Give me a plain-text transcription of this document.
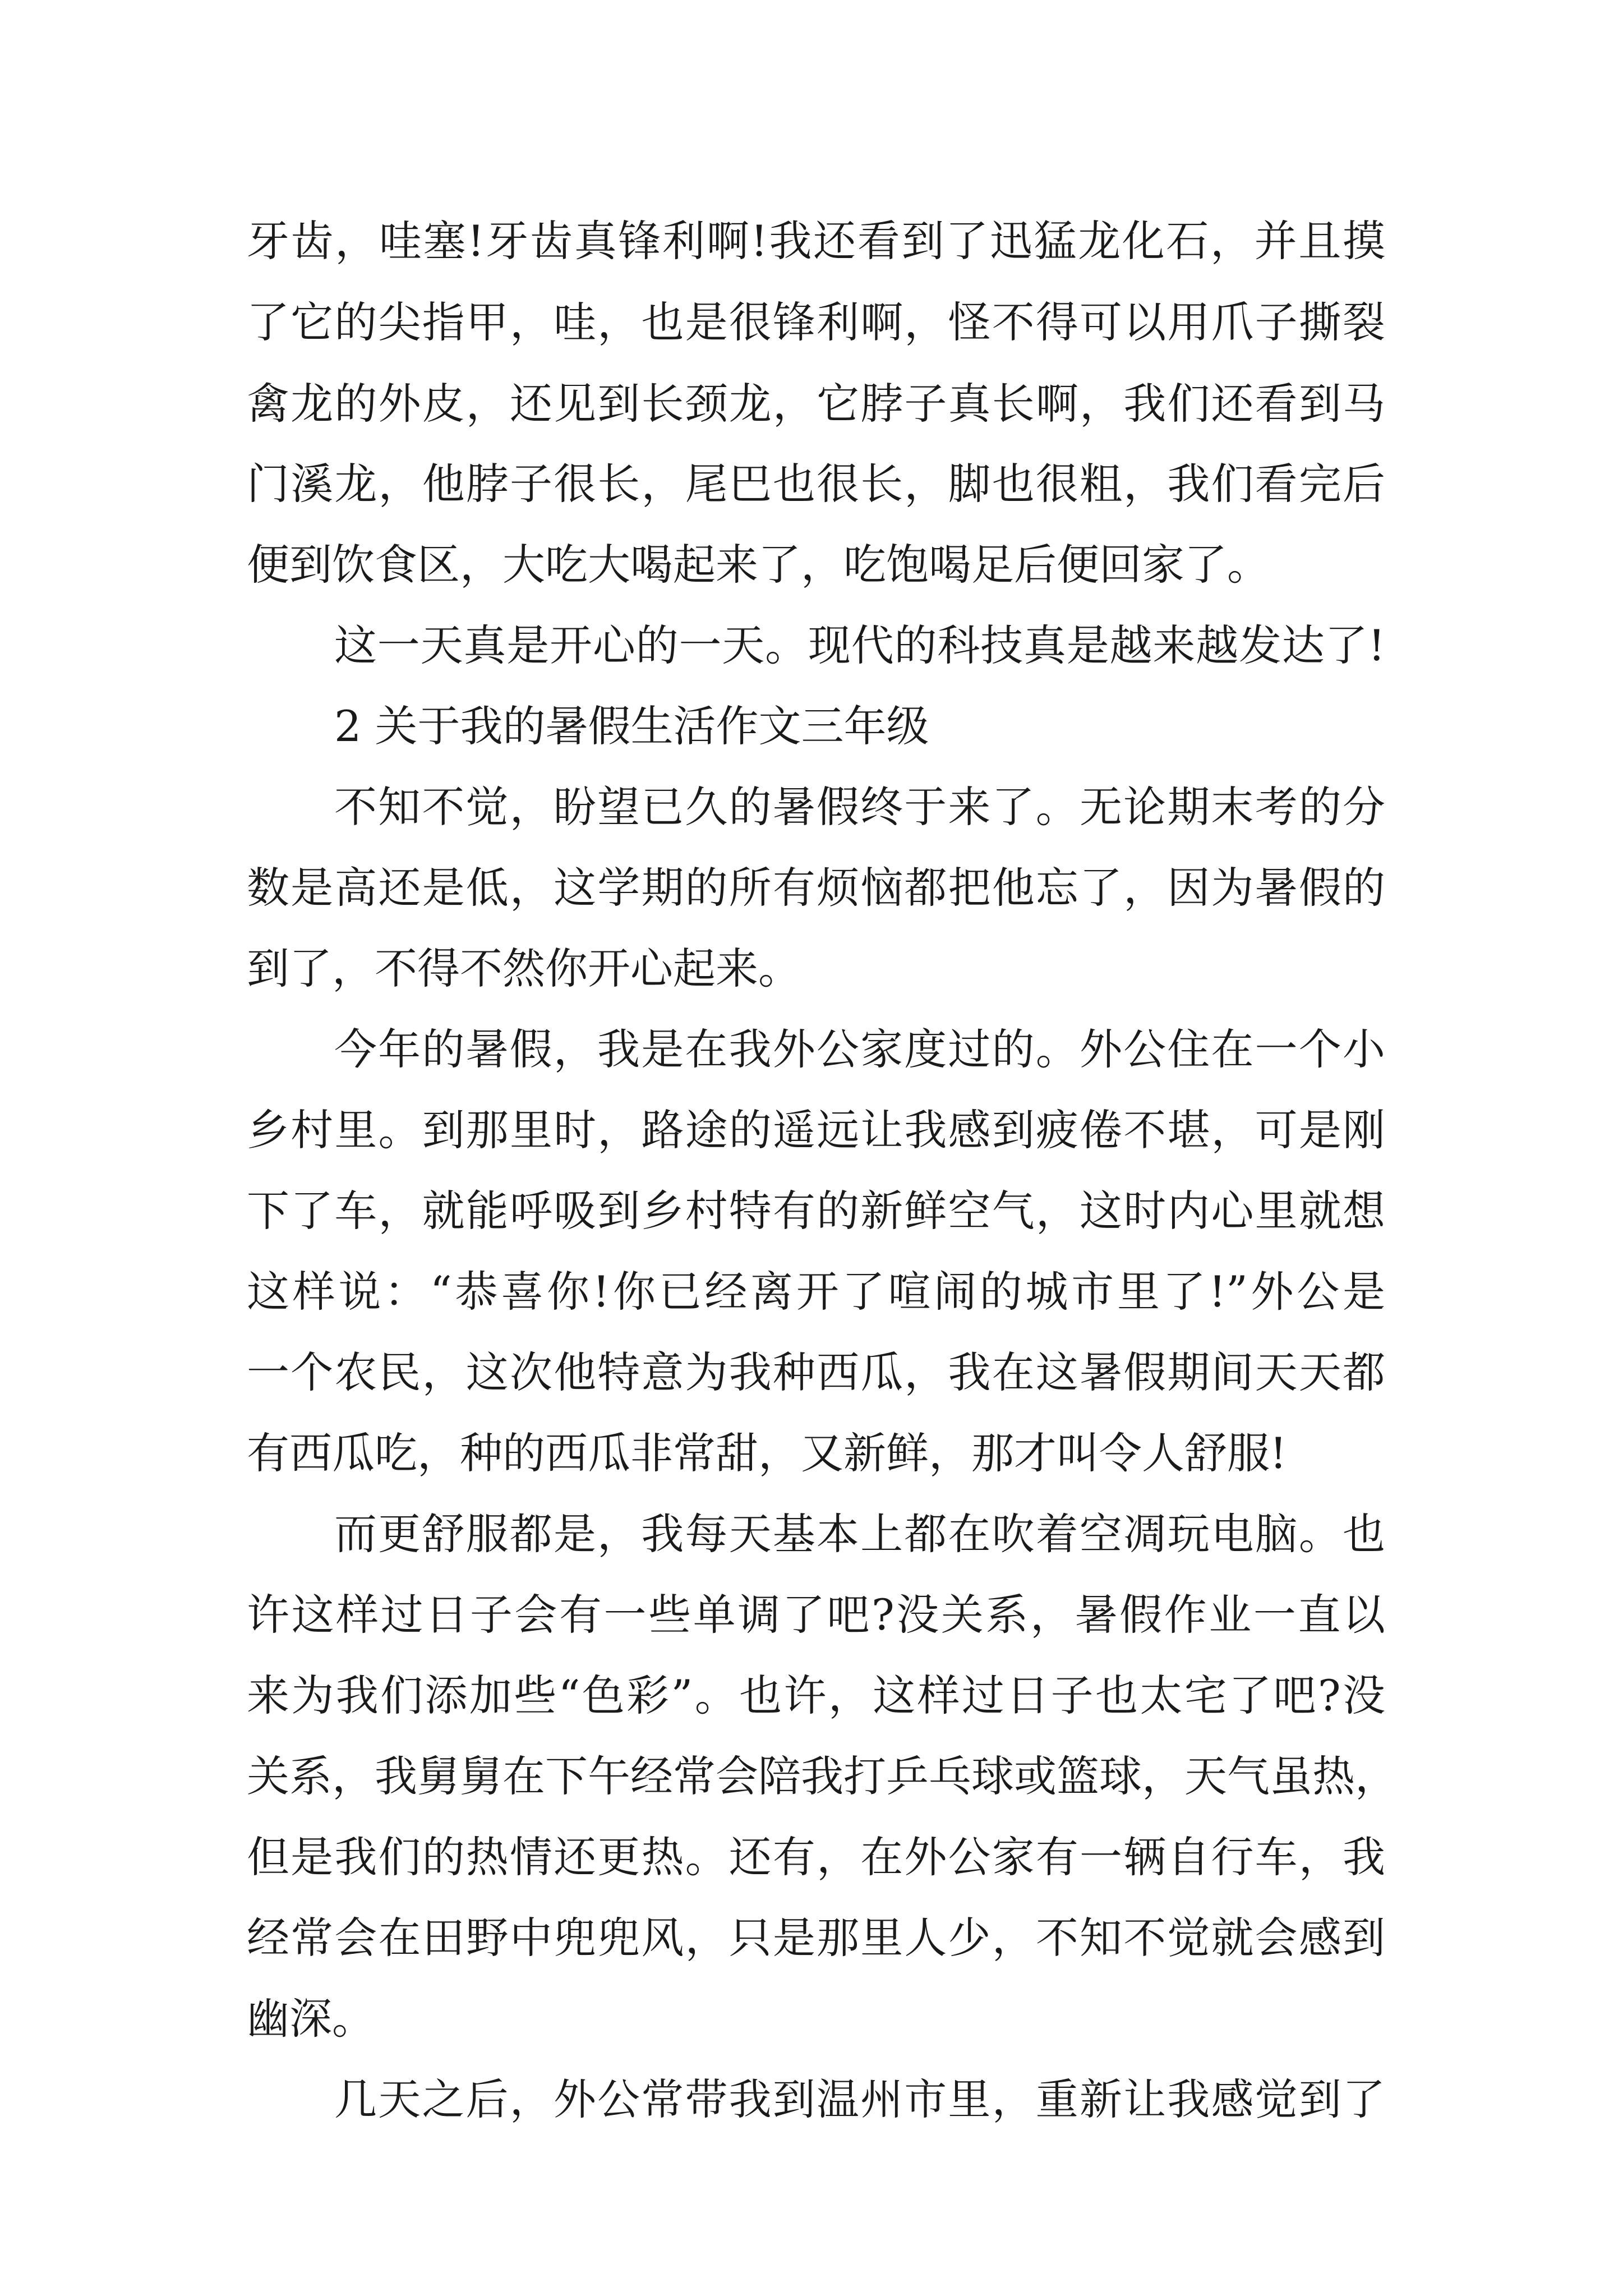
牙齿，哇塞!牙齿真锋利啊!我还看到了迅猛龙化石，并且摸
了它的尖指甲，哇，也是很锋利啊，怪不得可以用爪子撕裂
禽龙的外皮，还见到长颈龙，它脖子真长啊，我们还看到马
门溪龙，他脖子很长，尾巴也很长，脚也很粗，我们看完后
便到饮食区，大吃大喝起来了，吃饱喝足后便回家了。
这一天真是开心的一天。现代的科技真是越来越发达了!
2 关于我的暑假生活作文三年级
不知不觉，盼望已久的暑假终于来了。无论期末考的分
数是高还是低，这学期的所有烦恼都把他忘了，因为暑假的
到了，不得不然你开心起来。
今年的暑假，我是在我外公家度过的。外公住在一个小
乡村里。到那里时，路途的遥远让我感到疲倦不堪，可是刚
下了车，就能呼吸到乡村特有的新鲜空气，这时内心里就想
这样说：“恭喜你!你已经离开了喧闹的城市里了!”外公是
一个农民，这次他特意为我种西瓜，我在这暑假期间天天都
有西瓜吃，种的西瓜非常甜，又新鲜，那才叫令人舒服!
而更舒服都是，我每天基本上都在吹着空凋玩电脑。也
许这样过日子会有一些单调了吧?没关系，暑假作业一直以
来为我们添加些“色彩”。也许，这样过日子也太宅了吧?没
关系，我舅舅在下午经常会陪我打乒乓球或篮球，天气虽热，
但是我们的热情还更热。还有，在外公家有一辆自行车，我
经常会在田野中兜兜风，只是那里人少，不知不觉就会感到
幽深。
几天之后，外公常带我到温州市里，重新让我感觉到了
